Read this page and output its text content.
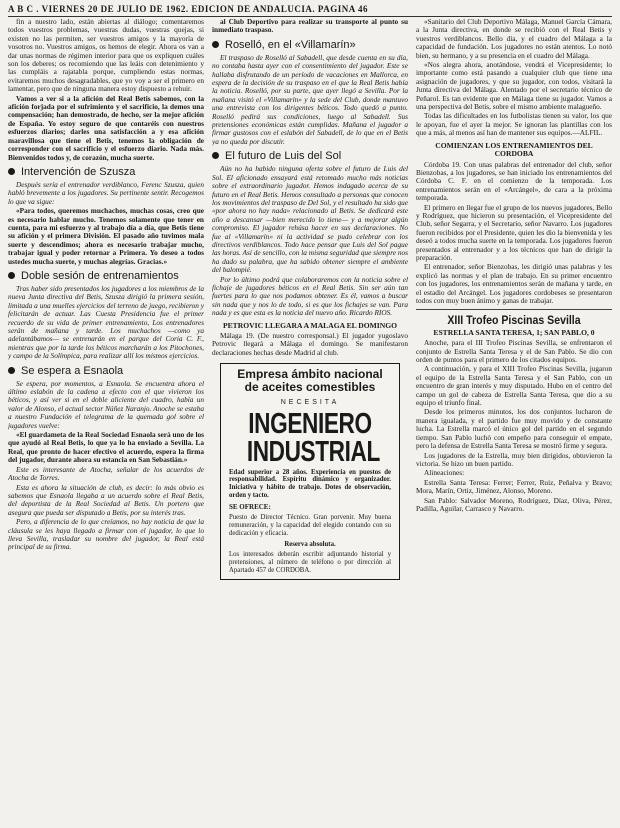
A B C . VIERNES 20 DE JULIO DE 1962. EDICION DE ANDALUCIA. PAGINA 46

fin a nuestro lado, están abiertas al diálogo; comentaremos todos vuestros problemas, vuestras dudas, vuestras quejas, si existen no las permiten, ser vuestros amigos y la mayoría de vosotros no. Vuestros amigos, os hemos de elegir. Ahora os van a dar unas normas de régimen interior para que os expliquen cuáles son los deberes; os recomiendo que las leáis con detenimiento y las cumpláis a rajatabla porque, cumpliendo estas normas, evitaremos muchos desagradables, que yo voy a ser el primero en lamentar, pero que de ninguna manera estoy dispuesto a rehuir.

Vamos a ver si a la afición del Real Betis sabemos, con la afición forjada por el sufrimiento y el sacrificio, la demos una compensación; han demostrado, de hecho, ser la mejor afición de España. Yo estoy seguro de que contaréis con nuestros esfuerzos diarios; darles una satisfacción a y esa afición maravillosa que tiene el Betis, tenemos la obligación de corresponder con el sacrificio y el esfuerzo diario. Nada más. Bienvenidos todos y, de corazón, mucha suerte.

Intervención de Szusza

Después sería el entrenador verdiblanco, Ferenc Szusza, quien habló brevemente a los jugadores. Su pertinente sentir. Recogemos lo que va sigue:

«Para todos, queremos muchachos, muchas cosas, creo que es necesario hablar mucho. Tenemos solamente que tener en cuenta, para mi esfuerzo y al trabajo día a día, que Betis tiene su afición y el primera División. El pasado año tuvimos mala suerte y descendimos; ahora es necesario trabajar mucho, trabajar igual y poder retornar a Primera. Yo deseo a todos ustedes mucha suerte, y muchas alegrías. Gracias.»

Doble sesión de entrenamientos

Tras haber sido presentados los jugadores a los miembros de la nueva Junta directiva del Betis, Szusza dirigió la primera sesión, limitada a una muelles ejercicios del terreno de juego, recibieron y felicitarán de actuar. Las Cuesta Presidencia fue el primer recuerdo de su vida de primer entrenamiento, Los entrenadores serán de mañana y tarde. Los muchachos —como ya adelantábamos— se entrenarán en el parque del Coria C. F., mientras que por la tarde los béticos marcharán a los Pitochones, y campo de la Solímpica, para realizar allí los mismos ejercicios.

Se espera a Esnaola

Se espera, por momentos, a Esnaola. Se encuentra ahora el último eslabón de la cadena a efecto con el que vivieron los béticos, y así ver si en el doble aliciente del cuadro, había un valor de Alonso, el actual sector Núñez Naranjo. Anoche se estaba a nuestro Fundación el telegrama de la quemada gol sobre el jugadores vuelve:

«El guardameta de la Real Sociedad Esnaola será uno de los que ayudó al Real Betis, lo que ya lo ha enviado a Sevilla. La Real, que pronto de hacer efectivo el acuerdo, espera la firma del jugador, durante ahora su estancia en San Sebastián.»

Este es interesante de Atocha, señalar de los acuerdos de Atocha de Torres.

Esta es ahora la situación de club, es decir: lo más obvio es sabemos que Esnaola llegaba a un acuerdo sobre el Real Betis, del deportista de la Real Sociedad al Betis. Un portero que asegura que pueda ser disputado a Betis, por su interés tras.

Pero, a diferencia de lo que creíamos, no hay noticia de que la cláusula se les haya llegado a firmar con el jugador, lo que lo lleva Sevilla, trasladar su nombre del jugador, la Real está principal de su firma.

al Club Deportivo para realizar su transporte al punto su inmediato traspaso.

Roselló, en el «Villamarín»

El traspaso de Roselló al Sabadell, que desde cuenta en su día, no contaba hasta ayer con el consentimiento del jugador. Este se hallaba disfrutando de un período de vacaciones en Mallorca, en espera de la decisión de su traspaso en el que la Real Betis había la noticia. Roselló, por su parte, que ayer llegó a Sevilla. Por la mañana visitó el «Villamarín» y la sede del Club, donde mantuvo una entrevista con los dirigentes béticos. Todo quedó a punto. Roselló pedirá sus condiciones, luego al Sabadell. Sus pretensiones económicas están cumplidas. Mañana el jugador a firmar gustosos con el eslabón del Sabadell, de lo que en el Betis ya no queda por discutir.

El futuro de Luis del Sol

Aún no ha habido ninguna oferta sobre el futuro de Luis del Sol. El aficionado ensayará está retomado mucho más noticias sobre el extraordinario jugador. Hemos indagado acerca de su futuro en el Real Betis. Hemos consultado a personas que conocen los movimientos del traspaso de Del Sol, y el resultado ha sido que «por ahora no hay nada» relacionado al Betis. Se dedicará este año a descansar —bien merecido lo tiene— y a mejorar algún compromiso. El jugador rehúsa hacer en sus declaraciones. No fue al «Villamarín» ni la actividad se pudo celebrar con los directivos verdiblancos. Todo hace pensar que Luis del Sol pague las horas. Así de sencillo, con la misma seguridad que siempre nos ha dado su palabra, que ha sabido obtener siempre el ambiente del balompié.

Por lo último podrá que colaboraremos con la noticia sobre el fichaje de jugadores béticos en el Real Betis. Sin ser aún tan fuertes para lo que nos podamos obtener. Es él, vamos a buscar sin nada que y nos lo de todo, si es que los fichajes se van. Para nada y es que esta es la noticia del nuevo año. Ricardo RIOS.

PETROVIC LLEGARA A MALAGA EL DOMINGO

Málaga 19. (De nuestro corresponsal.) El jugador yugoslavo Petrovic llegará a Málaga el domingo. Se manifestaron declaraciones hechas desde Madrid al club.

Empresa ámbito nacional de aceites comestibles
NECESITA
INGENIERO
INDUSTRIAL
Edad superior a 28 años. Experiencia en puestos de responsabilidad. Espíritu dinámico y organizador. Iniciativa y hábito de trabajo. Dotes de observación, orden y tacto.
SE OFRECE:
Puesto de Director Técnico. Gran porvenir. Muy buena remuneración, y la capacidad del elegido contando con su dedicación y eficacia.
Reserva absoluta.
Los interesados deberán escribir adjuntando historial y pretensiones, al número de teléfono o por dirección al Apartado 457 de CORDOBA.

«Sanitario del Club Deportivo Málaga, Manuel García Cámara, a la Junta directiva, en donde se recibió con el Real Betis y vuestros verdiblancos. Bello día, y el cuadro del Málaga a la capacidad de fundación. Los jugadores no están atentos. Lo notó bien, su hermano, y a su presencia en el cuadro del Málaga.

«Nos alegra ahora, anotándose, vendrá el Vicepresidente; lo importante como está pasando a cualquier club que tiene una asignación de jugadores, y que su jugador, con todos, visitará la Junta directiva del Málaga. Alentado por el secretario técnico de Peñarol. Es tan evidente que en Málaga tiene su jugador. Vamos a una perspectiva del Betis, sobre el mismo ambiente malagueño.

Todas las dificultades en los futbolistas tienen su valor, los que le apoyan, fue el ayer la mejor. Se ignoran las plantillas con los que a más, al menos así han de mantener sus equipos.—ALFIL.

COMIENZAN LOS ENTRENAMIENTOS DEL CORDOBA

Córdoba 19. Con unas palabras del entrenador del club, señor Bienzobas, a los jugadores, se han iniciado los entrenamientos del Córdoba C. F. en el comienzo de la temporada. Los entrenamientos serán en el «Arcángel», de cara a la próxima temporada.

El primero en llegar fue el grupo de los nuevos jugadores, Bello y Rodríguez, que hicieron su presentación, el Vicepresidente del Club, señor Segarra, y el Secretario, señor Navarro. Los jugadores fueron recibidos por el Presidente, quien les dio la bienvenida y les deseó a todos mucha suerte en la temporada. Los jugadores fueron presentados al entrenador y a los técnicos que han de dirigir la preparación.

El entrenador, señor Bienzobas, les dirigió unas palabras y les explicó las normas y el plan de trabajo. En su primer encuentro con los jugadores, los entrenamientos serán de mañana y tarde, en el estadio del Arcángel. Los jugadores cordobeses se presentaron todos con muy buen ánimo y ganas de trabajar.

XIII Trofeo Piscinas Sevilla
ESTRELLA SANTA TERESA, 1; SAN PABLO, 0

Anoche, para el III Trofeo Piscinas Sevilla, se enfrentaron el conjunto de Estrella Santa Teresa y el de San Pablo. Se dio con orden de puntos para el primero de los citados equipos.

A continuación, y para el XIII Trofeo Piscinas Sevilla, jugaron el equipo de la Estrella Santa Teresa y el San Pablo, con un encuentro de gran interés y muy disputado. Hubo en el centro del campo un gol de cabeza de Estrella Santa Teresa, que dio a su equipo el triunfo final.

Desde los primeros minutos, los dos conjuntos lucharon de manera igualada, y el partido fue muy movido y de constante lucha. La Estrella marcó el único gol del partido en el segundo tiempo. San Pablo luchó con empeño para conseguir el empate, pero la defensa de Estrella Santa Teresa se mostró firme y segura.

Los jugadores de la Estrella, muy bien dirigidos, obtuvieron la victoria. Se hizo un buen partido.

Alineaciones:

Estrella Santa Teresa: Ferrer; Ferrer, Ruiz, Peñalva y Bravo; Mora, Marín, Ortiz, Jiménez, Alonso, Moreno.

San Pablo: Salvador Moreno, Rodríguez, Díaz, Oliva, Pérez, Padilla, Aguilar, Carrasco y Navarro.
